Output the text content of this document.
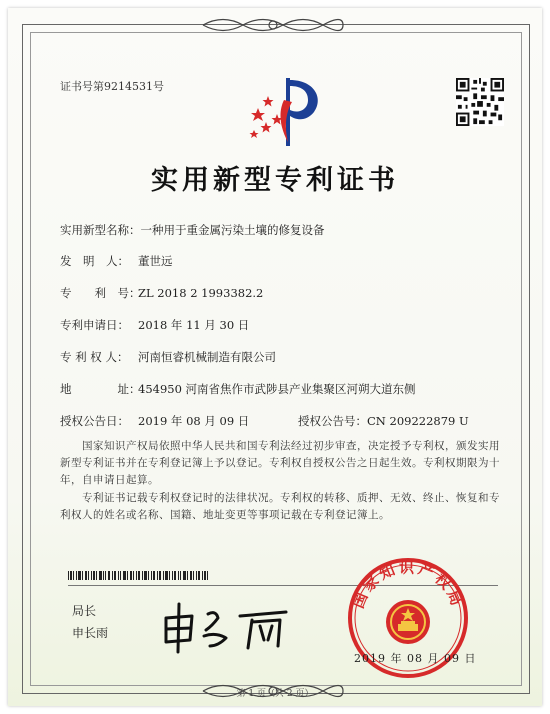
证书号第9214531号
实用新型专利证书
实用新型名称：一种用于重金属污染土壤的修复设备
发　明　人： 董世远
专　　利　号：ZL 2018 2 1993382.2
专利申请日： 2018 年 11 月 30 日
专 利 权 人： 河南恒睿机械制造有限公司
地　　　　址：454950 河南省焦作市武陟县产业集聚区河朔大道东侧
授权公告日： 2019 年 08 月 09 日	授权公告号：CN 209222879 U
国家知识产权局依照中华人民共和国专利法经过初步审查，决定授予专利权，颁发实用新型专利证书并在专利登记簿上予以登记。专利权自授权公告之日起生效。专利权期限为十年，自申请日起算。
专利证书记载专利权登记时的法律状况。专利权的转移、质押、无效、终止、恢复和专利权人的姓名或名称、国籍、地址变更等事项记载在专利登记簿上。
局长
申长雨
国家知识产权局
2019 年 08 月 09 日
第 1 页（共 2 页）
